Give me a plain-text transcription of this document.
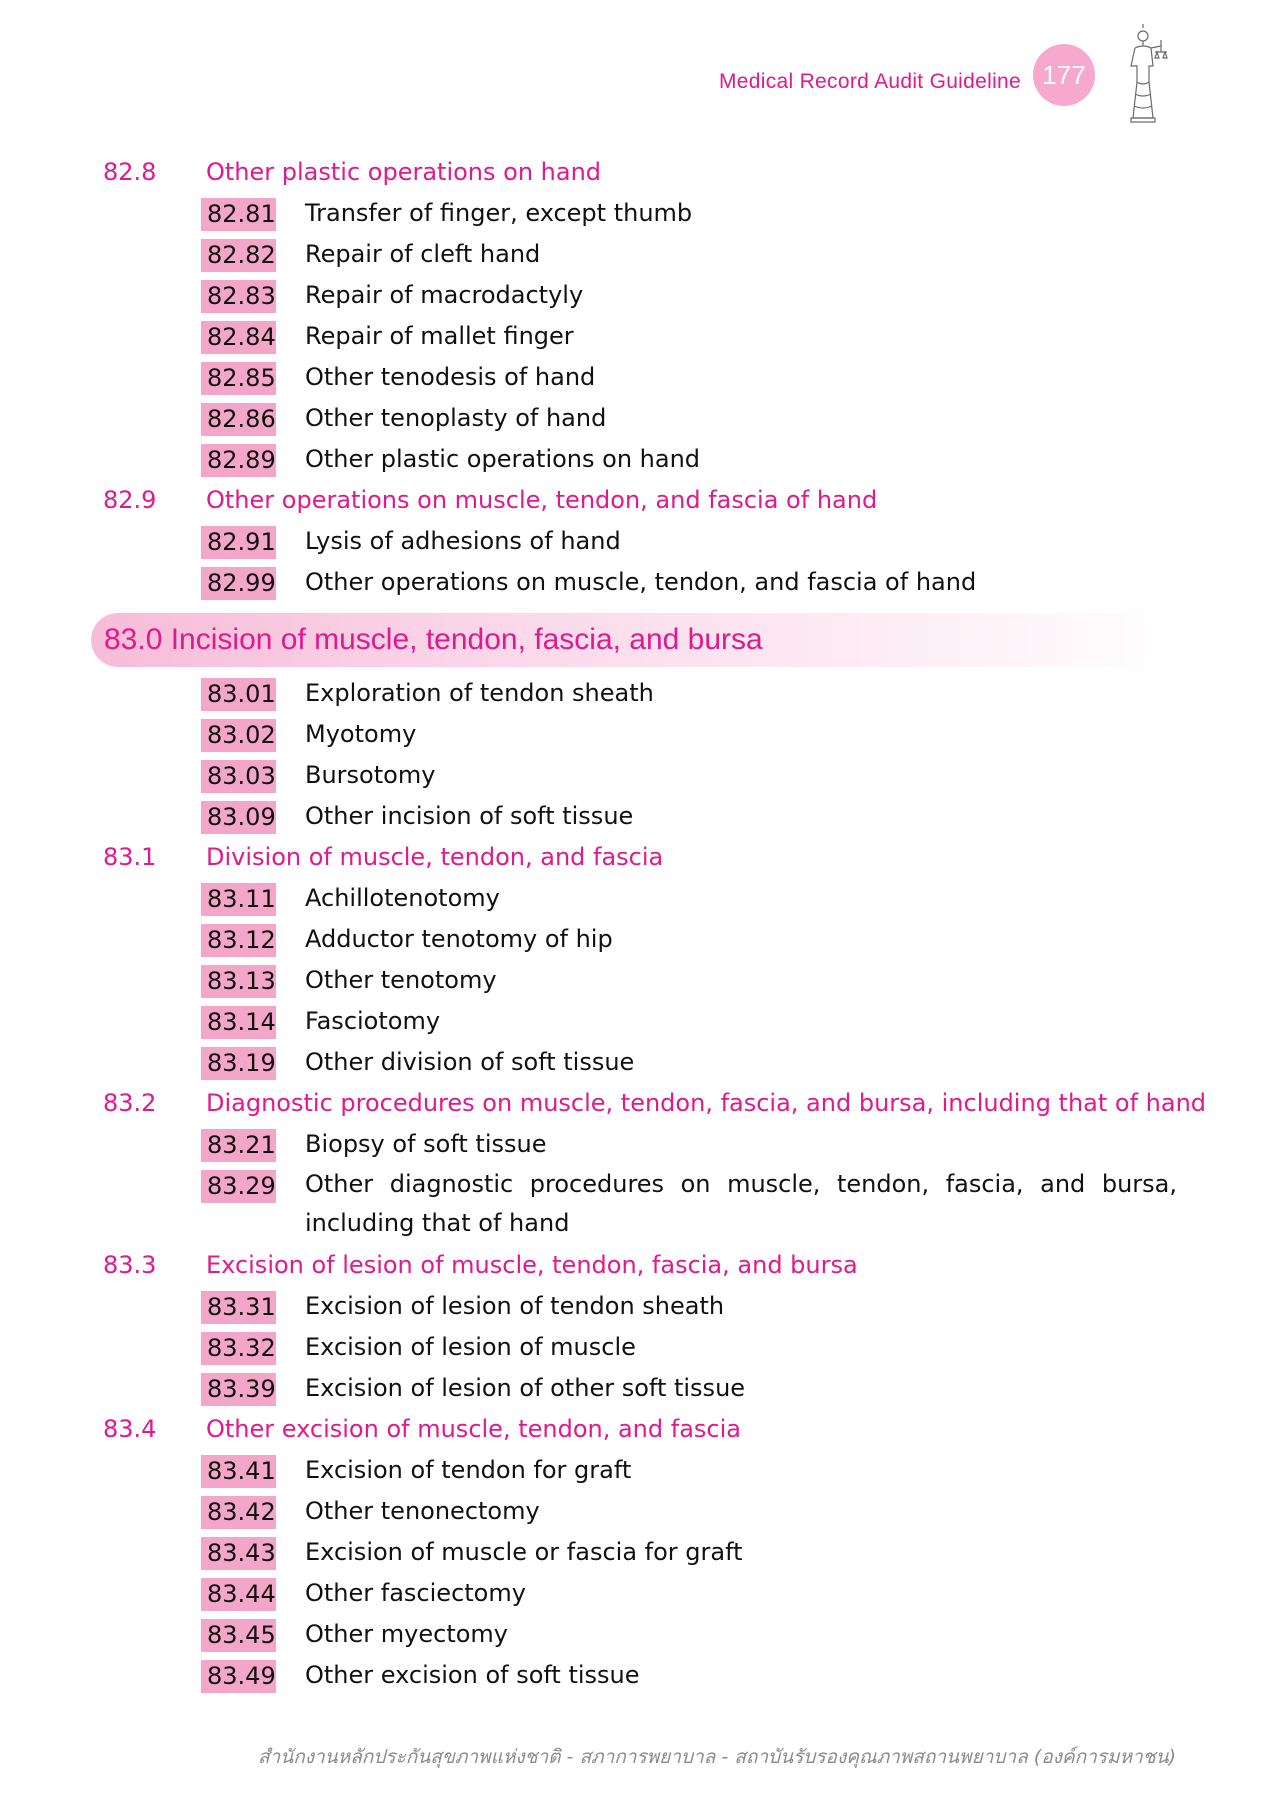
Medical Record Audit Guideline 177
82.8 Other plastic operations on hand
82.81 Transfer of finger, except thumb
82.82 Repair of cleft hand
82.83 Repair of macrodactyly
82.84 Repair of mallet finger
82.85 Other tenodesis of hand
82.86 Other tenoplasty of hand
82.89 Other plastic operations on hand
82.9 Other operations on muscle, tendon, and fascia of hand
82.91 Lysis of adhesions of hand
82.99 Other operations on muscle, tendon, and fascia of hand
83.0 Incision of muscle, tendon, fascia, and bursa
83.01 Exploration of tendon sheath
83.02 Myotomy
83.03 Bursotomy
83.09 Other incision of soft tissue
83.1 Division of muscle, tendon, and fascia
83.11 Achillotenotomy
83.12 Adductor tenotomy of hip
83.13 Other tenotomy
83.14 Fasciotomy
83.19 Other division of soft tissue
83.2 Diagnostic procedures on muscle, tendon, fascia, and bursa, including that of hand
83.21 Biopsy of soft tissue
83.29 Other diagnostic procedures on muscle, tendon, fascia, and bursa, including that of hand
83.3 Excision of lesion of muscle, tendon, fascia, and bursa
83.31 Excision of lesion of tendon sheath
83.32 Excision of lesion of muscle
83.39 Excision of lesion of other soft tissue
83.4 Other excision of muscle, tendon, and fascia
83.41 Excision of tendon for graft
83.42 Other tenonectomy
83.43 Excision of muscle or fascia for graft
83.44 Other fasciectomy
83.45 Other myectomy
83.49 Other excision of soft tissue
สำนักงานหลักประกันสุขภาพแห่งชาติ - สภาการพยาบาล - สถาบันรับรองคุณภาพสถานพยาบาล (องค์การมหาชน)
